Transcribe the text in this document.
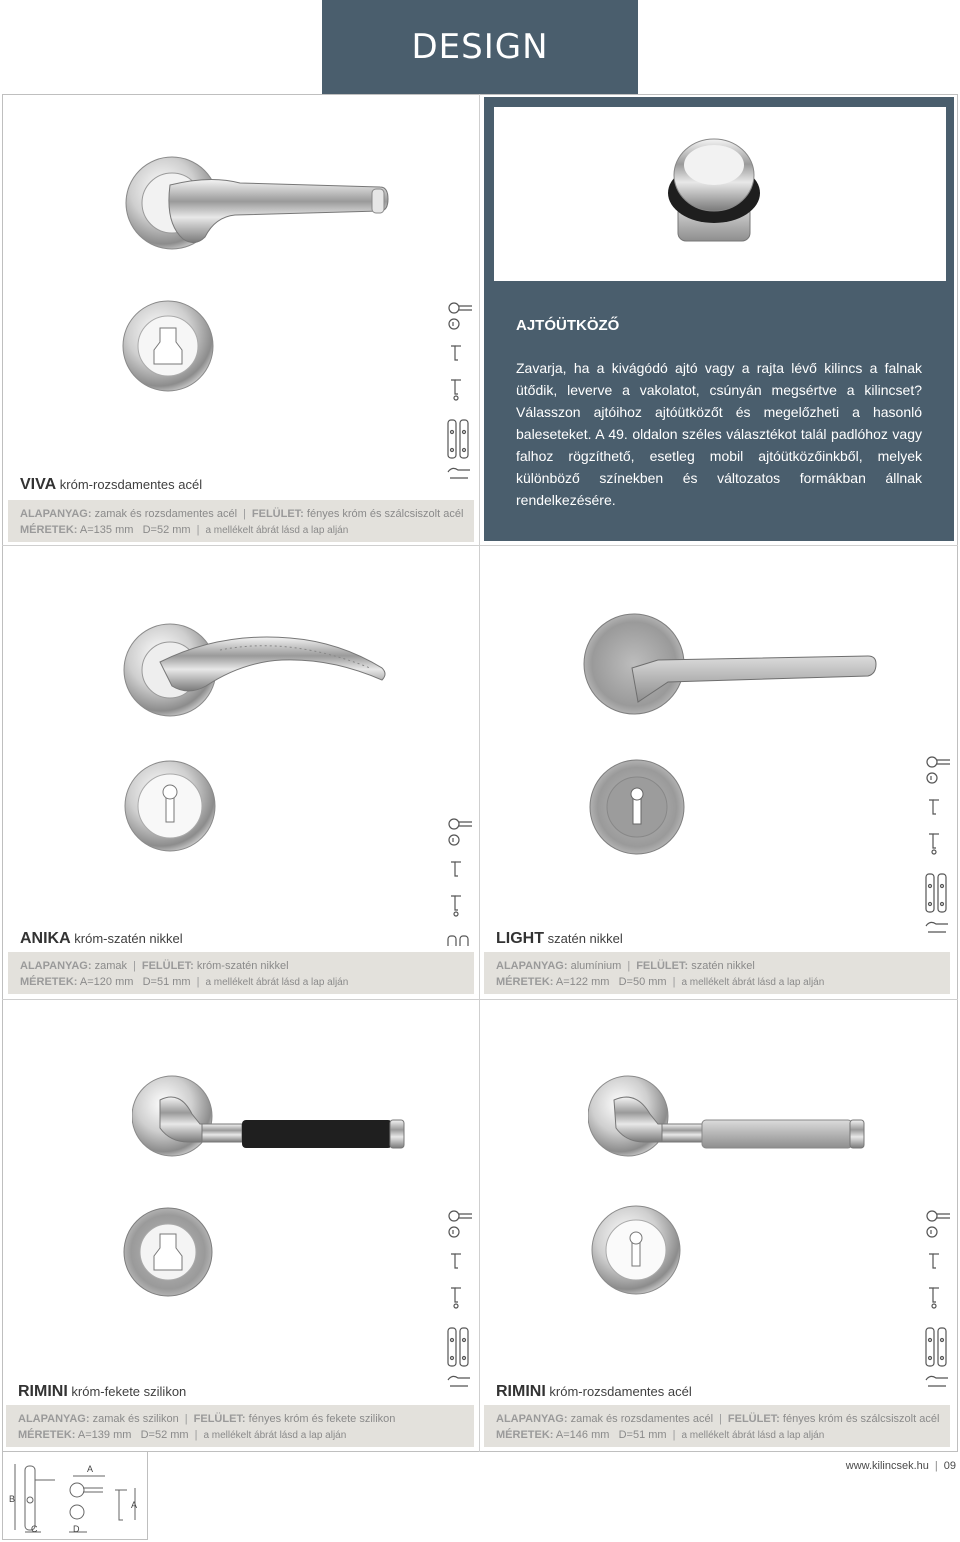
DESIGN
VIVA króm-rozsdamentes acél
ALAPANYAG: zamak és rozsdamentes acél | FELÜLET: fényes króm és szálcsiszolt acél
MÉRETEK: A=135 mm D=52 mm | a mellékelt ábrát lásd a lap alján
AJTÓÜTKÖZŐ
Zavarja, ha a kivágódó ajtó vagy a rajta lévő kilincs a falnak ütődik, leverve a vakolatot, csúnyán megsértve a kilincset? Válasszon ajtóihoz ajtóütközőt és megelőzheti a hasonló baleseteket. A 49. oldalon széles választékot talál padlóhoz vagy falhoz rögzíthető, esetleg mobil ajtóütközőinkből, melyek különböző színekben és változatos formákban állnak rendelkezésére.
ANIKA króm-szatén nikkel
ALAPANYAG: zamak | FELÜLET: króm-szatén nikkel
MÉRETEK: A=120 mm D=51 mm | a mellékelt ábrát lásd a lap alján
LIGHT szatén nikkel
ALAPANYAG: alumínium | FELÜLET: szatén nikkel
MÉRETEK: A=122 mm D=50 mm | a mellékelt ábrát lásd a lap alján
RIMINI króm-fekete szilikon
ALAPANYAG: zamak és szilikon | FELÜLET: fényes króm és fekete szilikon
MÉRETEK: A=139 mm D=52 mm | a mellékelt ábrát lásd a lap alján
RIMINI króm-rozsdamentes acél
ALAPANYAG: zamak és rozsdamentes acél | FELÜLET: fényes króm és szálcsiszolt acél
MÉRETEK: A=146 mm D=51 mm | a mellékelt ábrát lásd a lap alján
B
C
A
D
A
www.kilincsek.hu | 09
